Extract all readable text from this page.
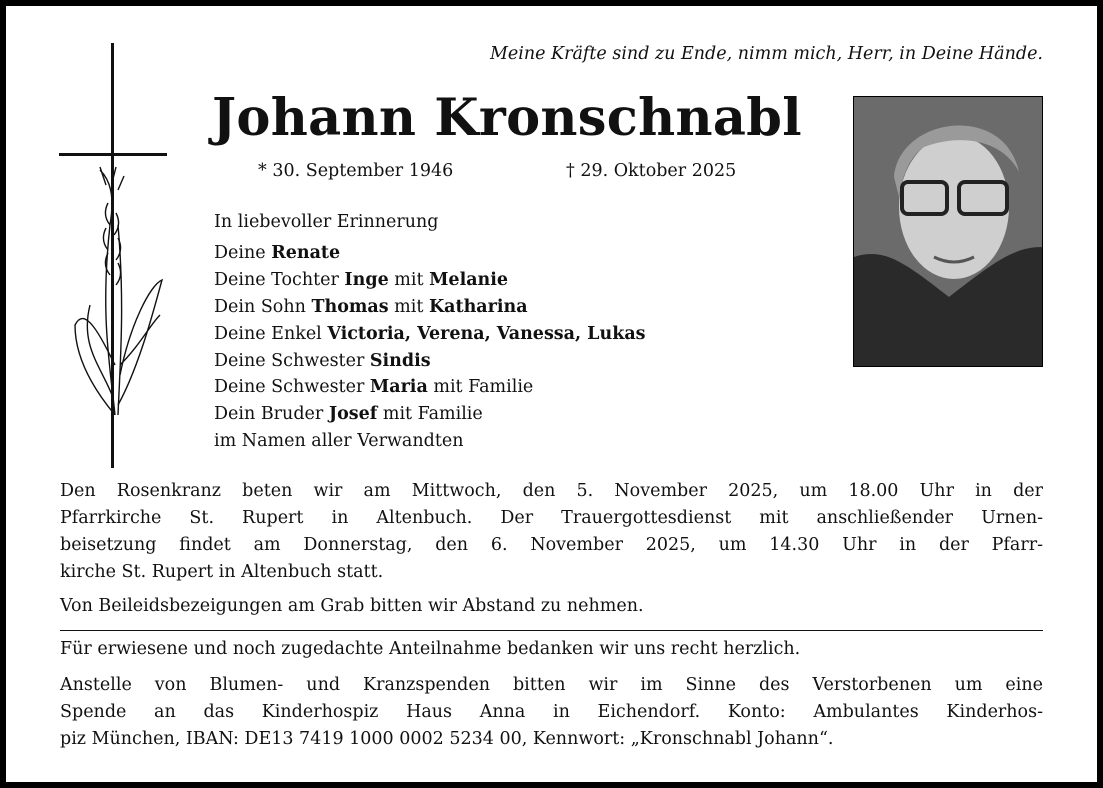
Meine Kräfte sind zu Ende, nimm mich, Herr, in Deine Hände.
Johann Kronschnabl
* 30. September 1946	† 29. Oktober 2025
In liebevoller Erinnerung
Deine Renate
Deine Tochter Inge mit Melanie
Dein Sohn Thomas mit Katharina
Deine Enkel Victoria, Verena, Vanessa, Lukas
Deine Schwester Sindis
Deine Schwester Maria mit Familie
Dein Bruder Josef mit Familie
im Namen aller Verwandten
Den Rosenkranz beten wir am Mittwoch, den 5. November 2025, um 18.00 Uhr in der
Pfarrkirche St. Rupert in Altenbuch. Der Trauergottesdienst mit anschließender Urnen-
beisetzung findet am Donnerstag, den 6. November 2025, um 14.30 Uhr in der Pfarr-
kirche St. Rupert in Altenbuch statt.
Von Beileidsbezeigungen am Grab bitten wir Abstand zu nehmen.
Für erwiesene und noch zugedachte Anteilnahme bedanken wir uns recht herzlich.
Anstelle von Blumen- und Kranzspenden bitten wir im Sinne des Verstorbenen um eine
Spende an das Kinderhospiz Haus Anna in Eichendorf. Konto: Ambulantes Kinderhos-
piz München, IBAN: DE13 7419 1000 0002 5234 00, Kennwort: „Kronschnabl Johann“.
